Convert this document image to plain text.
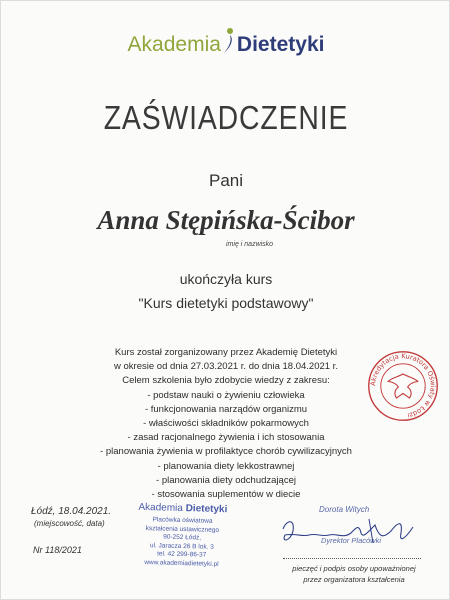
Akademia Dietetyki
ZAŚWIADCZENIE
Pani
Anna Stępińska-Ścibor
imię i nazwisko
ukończyła kurs
"Kurs dietetyki podstawowy"
Kurs został zorganizowany przez Akademię Dietetyki
w okresie od dnia 27.03.2021 r. do dnia 18.04.2021 r.
Celem szkolenia było zdobycie wiedzy z zakresu:
- podstaw nauki o żywieniu człowieka
- funkcjonowania narządów organizmu
- właściwości składników pokarmowych
- zasad racjonalnego żywienia i ich stosowania
- planowania żywienia w profilaktyce chorób cywilizacyjnych
- planowania diety lekkostrawnej
- planowania diety odchudzającej
- stosowania suplementów w diecie
Akredytacja Kuratora Oświaty w Łodzi
Łódź, 18.04.2021.
(miejscowość, data)
Nr 118/2021
Akademia Dietetyki
Placówka oświatowa
kształcenia ustawicznego
90-252 Łódź,
ul. Jaracza 26 B lok. 3
tel. 42 299-86-37
www.akademiadietetyki.pl
Dorota Witych
Dyrektor Placówki
pieczęć i podpis osoby upoważnionej
przez organizatora kształcenia
